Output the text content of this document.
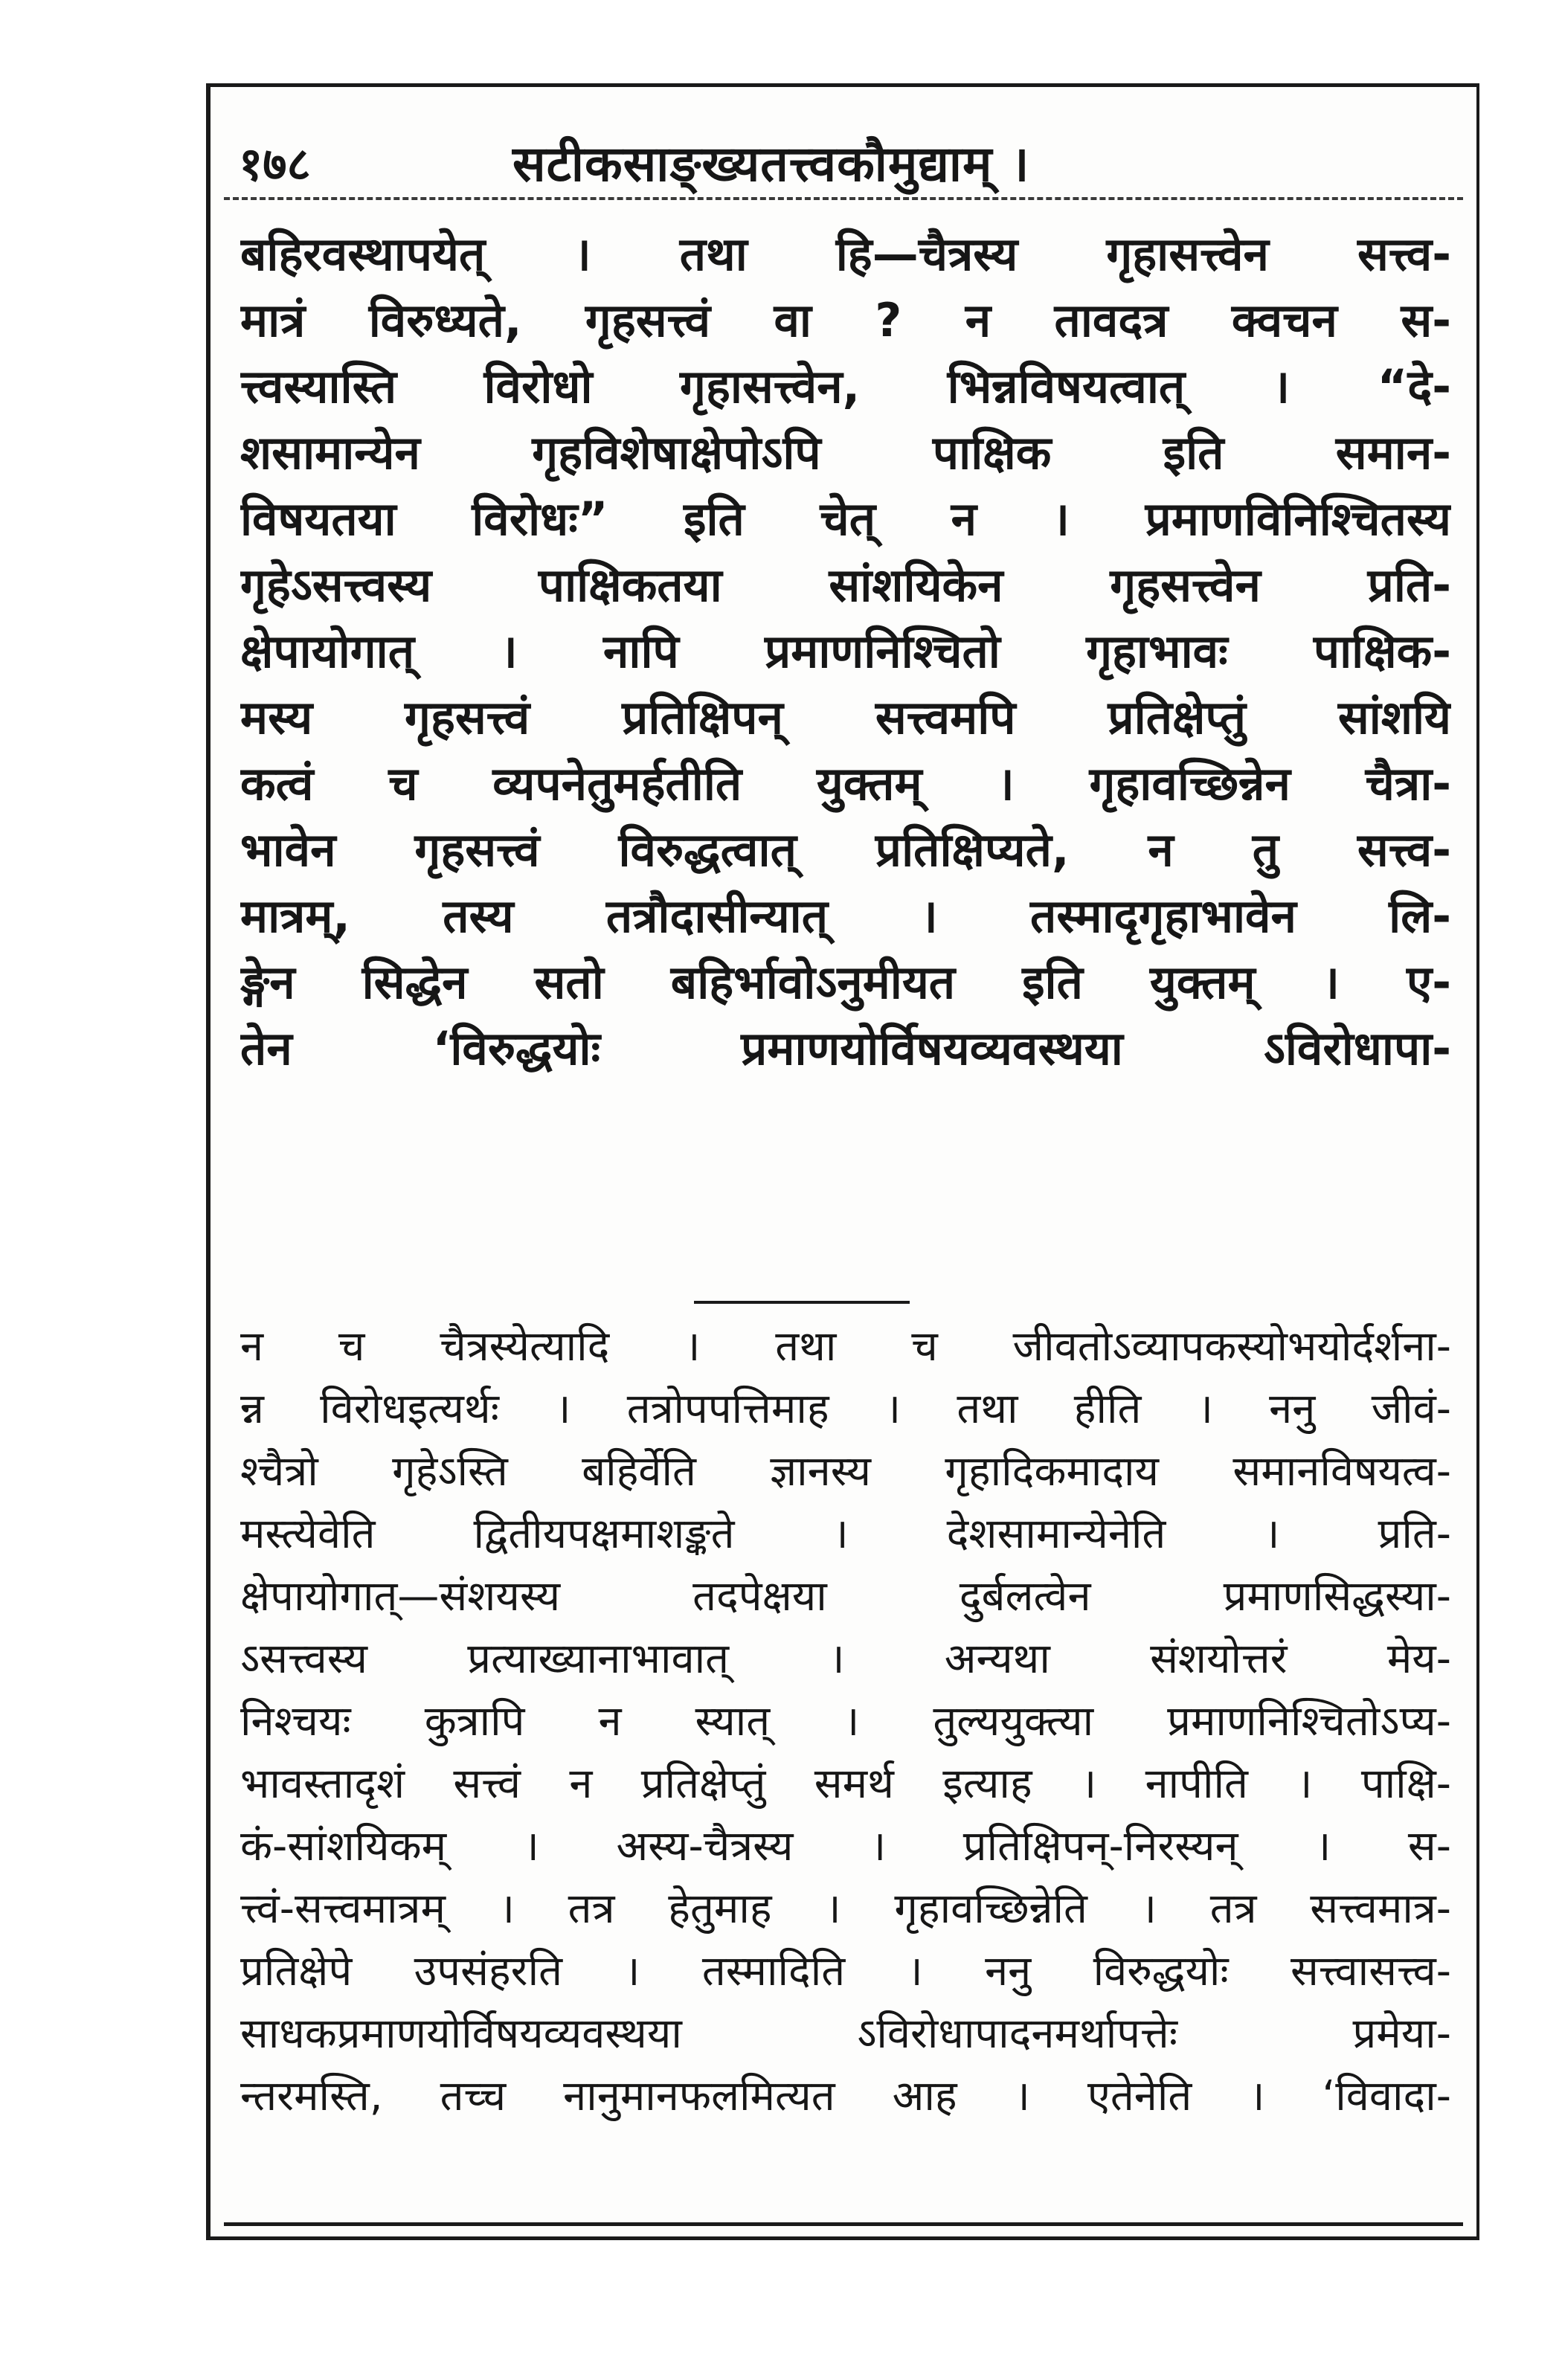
१७८	सटीकसाङ्ख्यतत्त्वकौमुद्याम् ।
बहिरवस्थापयेत् । तथा हि—चैत्रस्य गृहासत्त्वेन सत्त्व-
मात्रं विरुध्यते, गृहसत्त्वं वा ? न तावदत्र क्वचन स-
त्त्वस्यास्ति विरोधो गृहासत्त्वेन, भिन्नविषयत्वात् । “दे-
शसामान्येन गृहविशेषाक्षेपोऽपि पाक्षिक इति समान-
विषयतया विरोधः” इति चेत् न । प्रमाणविनिश्चितस्य
गृहेऽसत्त्वस्य पाक्षिकतया सांशयिकेन गृहसत्त्वेन प्रति-
क्षेपायोगात् । नापि प्रमाणनिश्चितो गृहाभावः पाक्षिक-
मस्य गृहसत्त्वं प्रतिक्षिपन् सत्त्वमपि प्रतिक्षेप्तुं सांशयि
कत्वं च व्यपनेतुमर्हतीति युक्तम् । गृहावच्छिन्नेन चैत्रा-
भावेन गृहसत्त्वं विरुद्धत्वात् प्रतिक्षिप्यते, न तु सत्त्व-
मात्रम्, तस्य तत्रौदासीन्यात् । तस्मादृगृहाभावेन लि-
ङ्गेन सिद्धेन सतो बहिर्भावोऽनुमीयत इति युक्तम् । ए-
तेन ‘विरुद्धयोः प्रमाणयोर्विषयव्यवस्थया ऽविरोधापा-
न च चैत्रस्येत्यादि । तथा च जीवतोऽव्यापकस्योभयोर्दर्शना-
न्न विरोधइत्यर्थः । तत्रोपपत्तिमाह । तथा हीति । ननु जीवं-
श्चैत्रो गृहेऽस्ति बहिर्वेति ज्ञानस्य गृहादिकमादाय समानविषयत्व-
मस्त्येवेति द्वितीयपक्षमाशङ्कते । देशसामान्येनेति । प्रति-
क्षेपायोगात्—संशयस्य तदपेक्षया दुर्बलत्वेन प्रमाणसिद्धस्या-
ऽसत्त्वस्य प्रत्याख्यानाभावात् । अन्यथा संशयोत्तरं मेय-
निश्चयः कुत्रापि न स्यात् । तुल्ययुक्त्या प्रमाणनिश्चितोऽप्य-
भावस्तादृशं सत्त्वं न प्रतिक्षेप्तुं समर्थ इत्याह । नापीति । पाक्षि-
कं-सांशयिकम् । अस्य-चैत्रस्य । प्रतिक्षिपन्-निरस्यन् । स-
त्त्वं-सत्त्वमात्रम् । तत्र हेतुमाह । गृहावच्छिन्नेति । तत्र सत्त्वमात्र-
प्रतिक्षेपे उपसंहरति । तस्मादिति । ननु विरुद्धयोः सत्त्वासत्त्व-
साधकप्रमाणयोर्विषयव्यवस्थया ऽविरोधापादनमर्थापत्तेः प्रमेया-
न्तरमस्ति, तच्च नानुमानफलमित्यत आह । एतेनेति । ‘विवादा-
